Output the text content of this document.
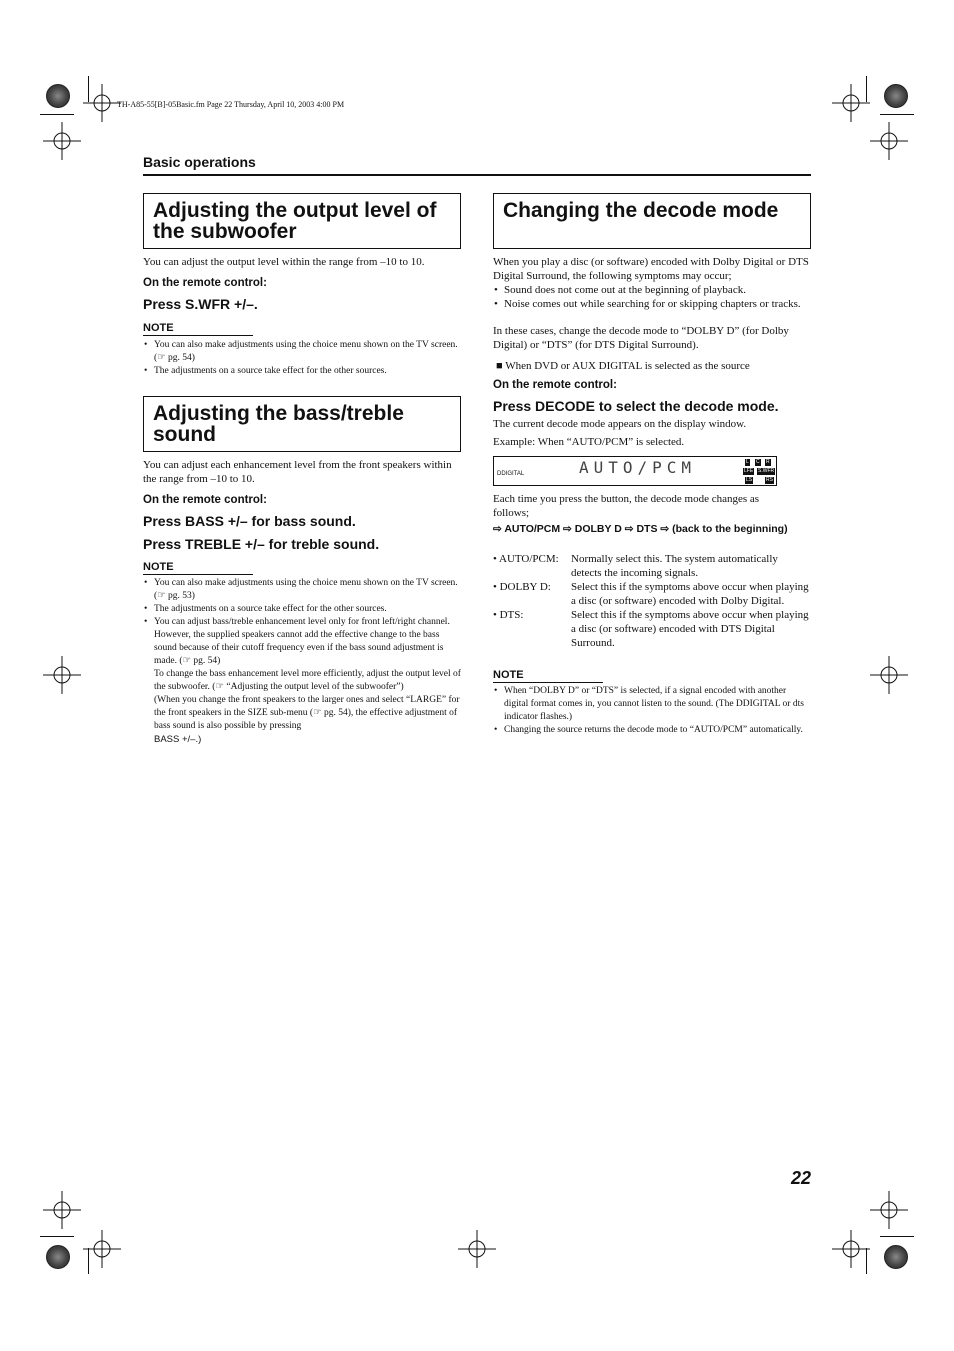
TH-A85-55[B]-05Basic.fm Page 22 Thursday, April 10, 2003 4:00 PM
Basic operations
Adjusting the output level of the subwoofer
You can adjust the output level within the range from –10 to 10.
On the remote control:
Press S.WFR +/–.
NOTE
• You can also make adjustments using the choice menu shown on the TV screen. (☞ pg. 54)
• The adjustments on a source take effect for the other sources.
Adjusting the bass/treble sound
You can adjust each enhancement level from the front speakers within the range from –10 to 10.
On the remote control:
Press BASS +/– for bass sound.
Press TREBLE +/– for treble sound.
NOTE
• You can also make adjustments using the choice menu shown on the TV screen. (☞ pg. 53)
• The adjustments on a source take effect for the other sources.
• You can adjust bass/treble enhancement level only for front left/right channel. However, the supplied speakers cannot add the effective change to the bass sound because of their cutoff frequency even if the bass sound adjustment is made. (☞ pg. 54)
To change the bass enhancement level more efficiently, adjust the output level of the subwoofer. (☞ “Adjusting the output level of the subwoofer”)
(When you change the front speakers to the larger ones and select “LARGE” for the front speakers in the SIZE sub-menu (☞ pg. 54), the effective adjustment of bass sound is also possible by pressing
BASS +/–.)
Changing the decode mode
When you play a disc (or software) encoded with Dolby Digital or DTS Digital Surround, the following symptoms may occur;
• Sound does not come out at the beginning of playback.
• Noise comes out while searching for or skipping chapters or tracks.
In these cases, change the decode mode to “DOLBY D” (for Dolby Digital) or “DTS” (for DTS Digital Surround).
■ When DVD or AUX DIGITAL is selected as the source
On the remote control:
Press DECODE to select the decode mode.
The current decode mode appears on the display window.
Example: When “AUTO/PCM” is selected.
DDIGITAL	AUTO/PCM	L C R
LFE S.WFR
LS	RS
Each time you press the button, the decode mode changes as follows;
⇨ AUTO/PCM ⇨ DOLBY D ⇨ DTS ⇨ (back to the beginning)
• AUTO/PCM:	Normally select this. The system automatically detects the incoming signals.
• DOLBY D:	Select this if the symptoms above occur when playing a disc (or software) encoded with Dolby Digital.
• DTS:	Select this if the symptoms above occur when playing a disc (or software) encoded with DTS Digital Surround.
NOTE
• When “DOLBY D” or “DTS” is selected, if a signal encoded with another digital format comes in, you cannot listen to the sound. (The DDIGITAL or dts indicator flashes.)
• Changing the source returns the decode mode to “AUTO/PCM” automatically.
22
